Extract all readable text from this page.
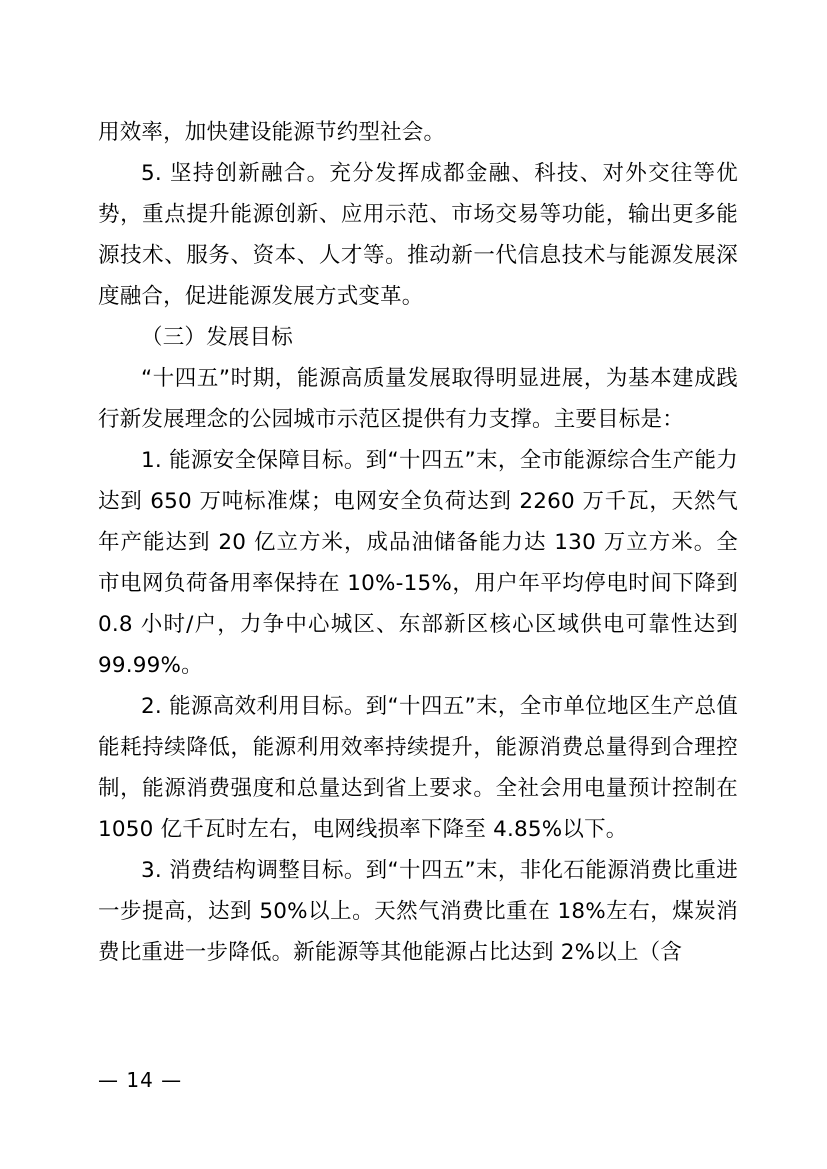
用效率，加快建设能源节约型社会。

5. 坚持创新融合。充分发挥成都金融、科技、对外交往等优势，重点提升能源创新、应用示范、市场交易等功能，输出更多能源技术、服务、资本、人才等。推动新一代信息技术与能源发展深度融合，促进能源发展方式变革。

（三）发展目标

“十四五”时期，能源高质量发展取得明显进展，为基本建成践行新发展理念的公园城市示范区提供有力支撑。主要目标是：

1. 能源安全保障目标。到“十四五”末，全市能源综合生产能力达到 650 万吨标准煤；电网安全负荷达到 2260 万千瓦，天然气年产能达到 20 亿立方米，成品油储备能力达 130 万立方米。全市电网负荷备用率保持在 10%-15%，用户年平均停电时间下降到 0.8 小时/户，力争中心城区、东部新区核心区域供电可靠性达到 99.99%。

2. 能源高效利用目标。到“十四五”末，全市单位地区生产总值能耗持续降低，能源利用效率持续提升，能源消费总量得到合理控制，能源消费强度和总量达到省上要求。全社会用电量预计控制在 1050 亿千瓦时左右，电网线损率下降至 4.85%以下。

3. 消费结构调整目标。到“十四五”末，非化石能源消费比重进一步提高，达到 50%以上。天然气消费比重在 18%左右，煤炭消费比重进一步降低。新能源等其他能源占比达到 2%以上（含

— 14 —
